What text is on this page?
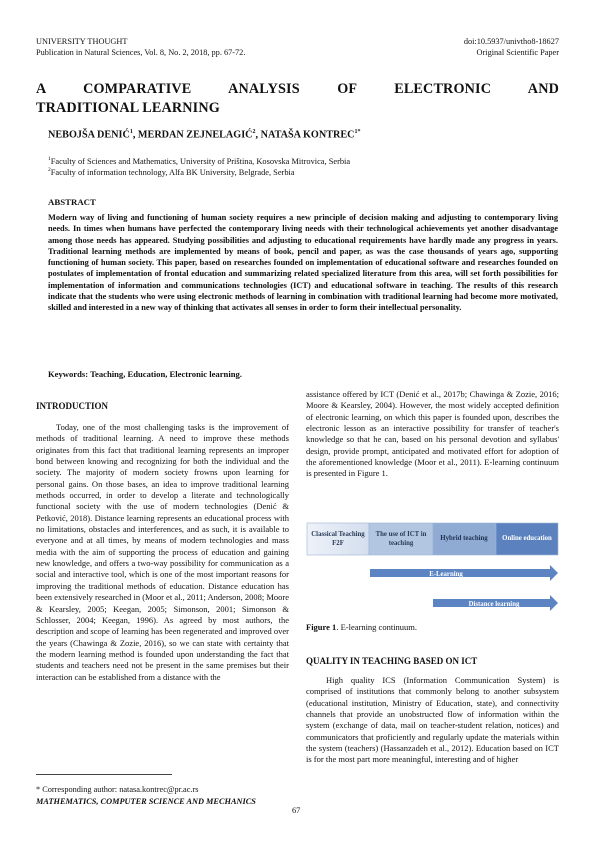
UNIVERSITY THOUGHT
Publication in Natural Sciences, Vol. 8, No. 2, 2018, pp. 67-72.
doi:10.5937/univtho8-18627
Original Scientific Paper
A COMPARATIVE ANALYSIS OF ELECTRONIC AND
TRADITIONAL LEARNING
NEBOJŠA DENIĆ$^1$, MERDAN ZEJNELAGIĆ$^2$, NATAŠA $KONTREC^{1*}$
$^1$Faculty of Sciences and Mathematics, University of Priština, Kosovska Mitrovica, Serbia
$^2$Faculty of information technology, Alfa BK University, Belgrade, Serbia
ABSTRACT
Modern way of living and functioning of human society requires a new principle of decision making and adjusting to contemporary living needs. In times when humans have perfected the contemporary living needs with their technological achievements yet another disadvantage among those needs has appeared. Studying possibilities and adjusting to educational requirements have hardly made any progress in years. Traditional learning methods are implemented by means of book, pencil and paper, as was the case thousands of years ago, supporting functioning of human society. This paper, based on researches founded on implementation of educational software and researches founded on postulates of implementation of frontal education and summarizing related specialized literature from this area, will set forth possibilities for implementation of information and communications technologies (ICT) and educational software in teaching. The results of this research indicate that the students who were using electronic methods of learning in combination with traditional learning had become more motivated, skilled and interested in a new way of thinking that activates all senses in order to form their intellectual personality.
Keywords: Teaching, Education, Electronic learning.
INTRODUCTION

Today, one of the most challenging tasks is the improvement of methods of traditional learning. A need to improve these methods originates from this fact that traditional learning represents an improper bond between knowing and recognizing for both the individual and the society. The majority of modern society frowns upon learning for personal gains. On those bases, an idea to improve traditional learning methods occurred, in order to develop a literate and technologically functional society with the use of modern technologies (Denić & Petković, 2018). Distance learning represents an educational process with no limitations, obstacles and interferences, and as such, it is available to everyone and at all times, by means of modern technologies and mass media with the aim of supporting the process of education and gaining new knowledge, and offers a two-way possibility for communication as a social and interactive tool, which is one of the most important reasons for improving the traditional methods of education. Distance education has been extensively researched in (Moor et al., 2011; Anderson, 2008; Moore & Kearsley, 2005; Keegan, 2005; Simonson, 2001; Simonson & Schlosser, 2004; Keegan, 1996). As agreed by most authors, the description and scope of learning has been regenerated and improved over the years (Chawinga & Zozie, 2016), so we can state with certainty that the modern learning method is founded upon understanding the fact that students and teachers need not be present in the same premises but their interaction can be established from a distance with the

assistance offered by ICT (Denić et al., 2017b; Chawinga & Zozie, 2016; Moore & Kearsley, 2004). However, the most widely accepted definition of electronic learning, on which this paper is founded upon, describes the electronic lesson as an interactive possibility for transfer of teacher's knowledge so that he can, based on his personal devotion and syllabus' design, provide prompt, anticipated and motivated effort for adoption of the aforementioned knowledge (Moor et al., 2011). E-learning continuum is presented in Figure 1.

Classical Teaching
F2F
The use of ICT in
teaching
Hybrid teaching Online education
E-Learning
Distance learning
Figure 1. E-learning continuum.
QUALITY IN TEACHING BASED ON ICT

High quality ICS (Information Communication System) is comprised of institutions that commonly belong to another subsystem (educational institution, Ministry of Education, state), and connectivity channels that provide an unobstructed flow of information within the system (exchange of data, mail on teacher-student relation, notices) and communicators that proficiently and regularly update the materials within the system (teachers) (Hassanzadeh et al., 2012). Education based on ICT is for the most part more meaningful, interesting and of higher

* Corresponding author: natasa.kontrec@pr.ac.rs
MATHEMATICS, COMPUTER SCIENCE AND MECHANICS
67
